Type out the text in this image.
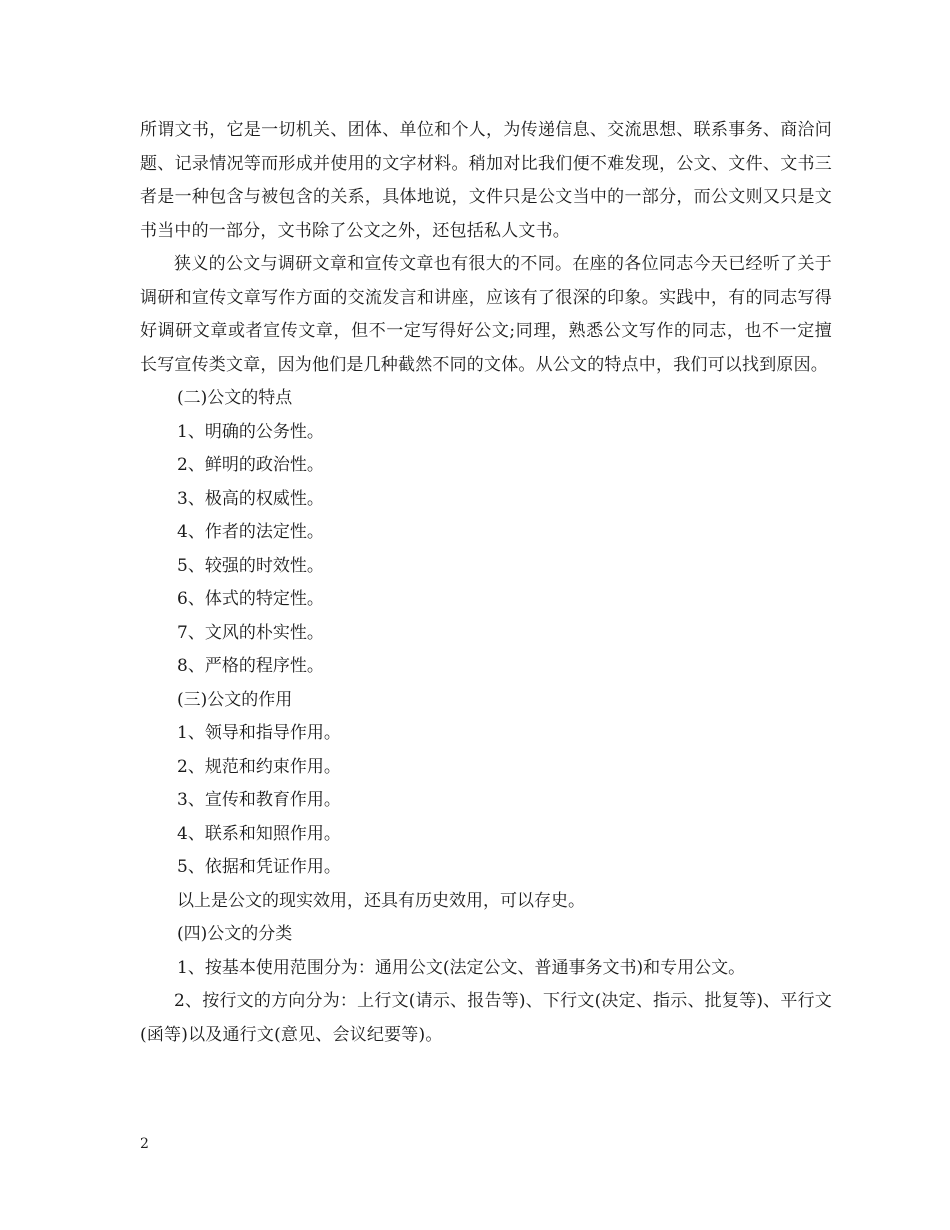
所谓文书，它是一切机关、团体、单位和个人，为传递信息、交流思想、联系事务、商洽问题、记录情况等而形成并使用的文字材料。稍加对比我们便不难发现，公文、文件、文书三者是一种包含与被包含的关系，具体地说，文件只是公文当中的一部分，而公文则又只是文书当中的一部分，文书除了公文之外，还包括私人文书。

狭义的公文与调研文章和宣传文章也有很大的不同。在座的各位同志今天已经听了关于调研和宣传文章写作方面的交流发言和讲座，应该有了很深的印象。实践中，有的同志写得好调研文章或者宣传文章，但不一定写得好公文;同理，熟悉公文写作的同志，也不一定擅长写宣传类文章，因为他们是几种截然不同的文体。从公文的特点中，我们可以找到原因。

(二)公文的特点

1、明确的公务性。

2、鲜明的政治性。

3、极高的权威性。

4、作者的法定性。

5、较强的时效性。

6、体式的特定性。

7、文风的朴实性。

8、严格的程序性。

(三)公文的作用

1、领导和指导作用。

2、规范和约束作用。

3、宣传和教育作用。

4、联系和知照作用。

5、依据和凭证作用。

以上是公文的现实效用，还具有历史效用，可以存史。

(四)公文的分类

1、按基本使用范围分为：通用公文(法定公文、普通事务文书)和专用公文。

2、按行文的方向分为：上行文(请示、报告等)、下行文(决定、指示、批复等)、平行文(函等)以及通行文(意见、会议纪要等)。

2
